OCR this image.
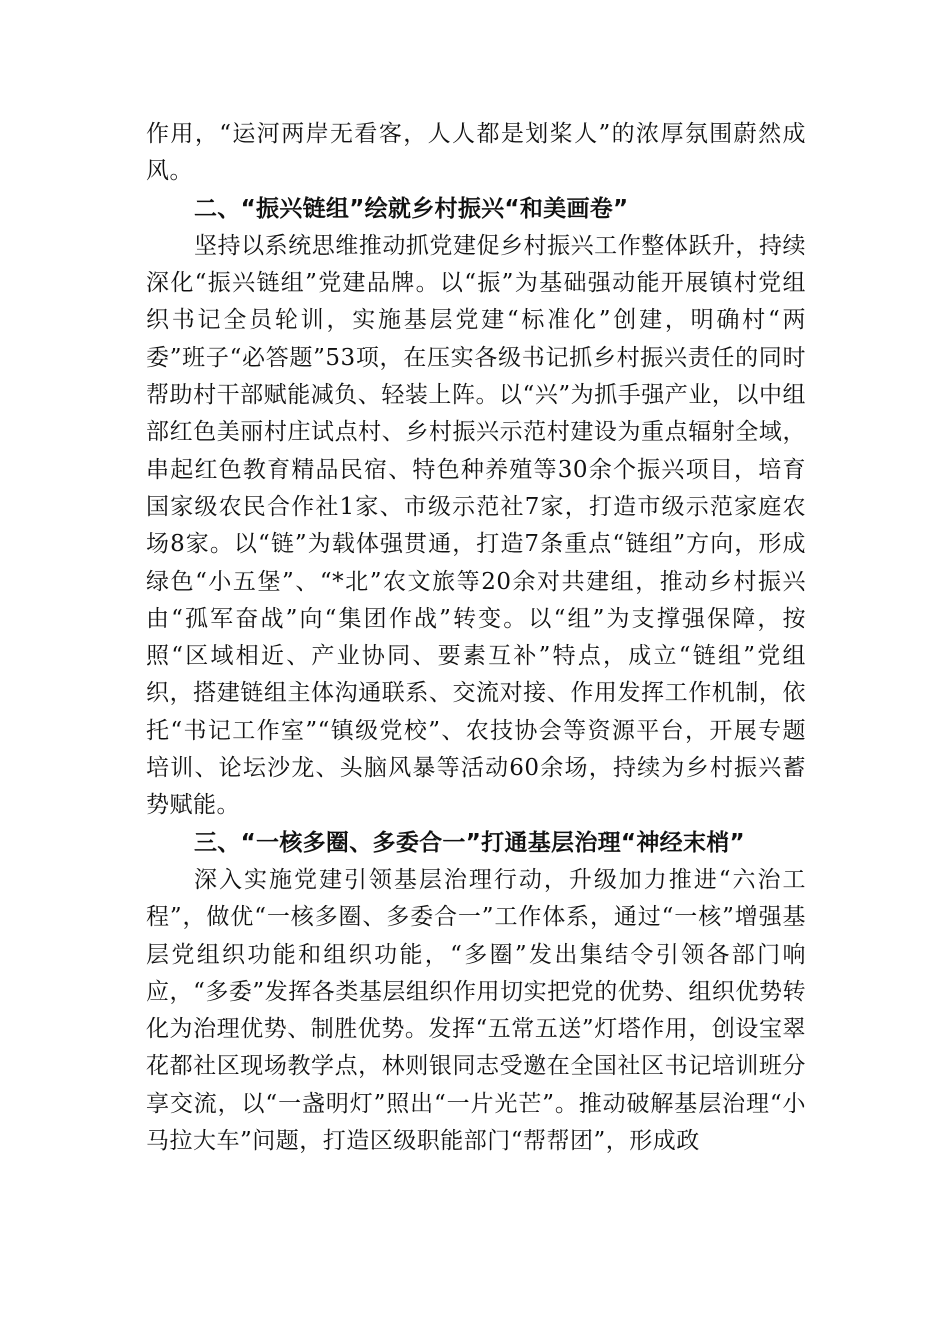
作用，“运河两岸无看客，人人都是划桨人”的浓厚氛围蔚然成风。

二、“振兴链组”绘就乡村振兴“和美画卷”

坚持以系统思维推动抓党建促乡村振兴工作整体跃升，持续深化“振兴链组”党建品牌。以“振”为基础强动能开展镇村党组织书记全员轮训，实施基层党建“标准化”创建，明确村“两委”班子“必答题”53项，在压实各级书记抓乡村振兴责任的同时帮助村干部赋能减负、轻装上阵。以“兴”为抓手强产业，以中组部红色美丽村庄试点村、乡村振兴示范村建设为重点辐射全域，串起红色教育精品民宿、特色种养殖等30余个振兴项目，培育国家级农民合作社1家、市级示范社7家，打造市级示范家庭农场8家。以“链”为载体强贯通，打造7条重点“链组”方向，形成绿色“小五堡”、“*北”农文旅等20余对共建组，推动乡村振兴由“孤军奋战”向“集团作战”转变。以“组”为支撑强保障，按照“区域相近、产业协同、要素互补”特点，成立“链组”党组织，搭建链组主体沟通联系、交流对接、作用发挥工作机制，依托“书记工作室”“镇级党校”、农技协会等资源平台，开展专题培训、论坛沙龙、头脑风暴等活动60余场，持续为乡村振兴蓄势赋能。

三、“一核多圈、多委合一”打通基层治理“神经末梢”

深入实施党建引领基层治理行动，升级加力推进“六治工程”，做优“一核多圈、多委合一”工作体系，通过“一核”增强基层党组织功能和组织功能，“多圈”发出集结令引领各部门响应，“多委”发挥各类基层组织作用切实把党的优势、组织优势转化为治理优势、制胜优势。发挥“五常五送”灯塔作用，创设宝翠花都社区现场教学点，林则银同志受邀在全国社区书记培训班分享交流，以“一盏明灯”照出“一片光芒”。推动破解基层治理“小马拉大车”问题，打造区级职能部门“帮帮团”，形成政
